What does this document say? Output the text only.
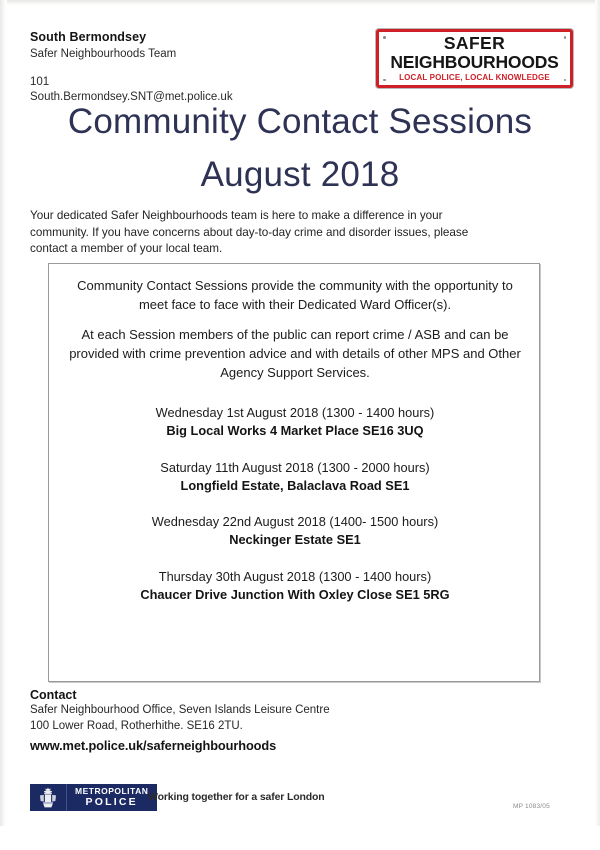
South Bermondsey
Safer Neighbourhoods Team
101
South.Bermondsey.SNT@met.police.uk
SAFER
NEIGHBOURHOODS
LOCAL POLICE, LOCAL KNOWLEDGE
Community Contact Sessions
August 2018
Your dedicated Safer Neighbourhoods team is here to make a difference in your community. If you have concerns about day-to-day crime and disorder issues, please contact a member of your local team.
Community Contact Sessions provide the community with the opportunity to meet face to face with their Dedicated Ward Officer(s).
At each Session members of the public can report crime / ASB and can be provided with crime prevention advice and with details of other MPS and Other Agency Support Services.
Wednesday 1st August 2018 (1300 - 1400 hours)
Big Local Works 4 Market Place SE16 3UQ
Saturday 11th August 2018 (1300 - 2000 hours)
Longfield Estate, Balaclava Road SE1
Wednesday 22nd August 2018 (1400- 1500 hours)
Neckinger Estate SE1
Thursday 30th August 2018 (1300 - 1400 hours)
Chaucer Drive Junction With Oxley Close SE1 5RG
Contact
Safer Neighbourhood Office, Seven Islands Leisure Centre
100 Lower Road, Rotherhithe. SE16 2TU.
www.met.police.uk/saferneighbourhoods
METROPOLITAN
POLICE Working together for a safer London
MP 1083/05
